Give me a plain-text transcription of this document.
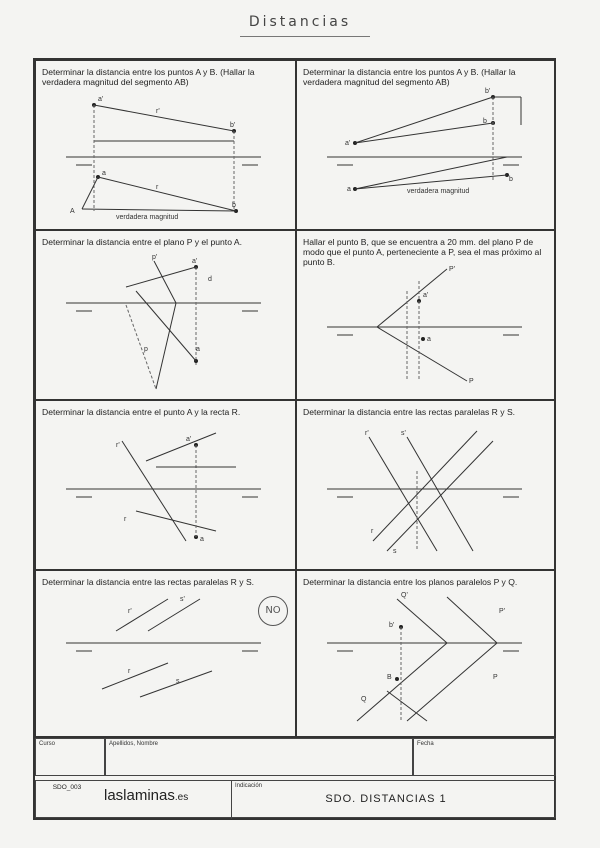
Distancias
Determinar la distancia entre los puntos A y B. (Hallar la verdadera magnitud del segmento AB)
a'
b'
a
b
A
r'
r
verdadera magnitud
Determinar la distancia entre los puntos A y B. (Hallar la verdadera magnitud del segmento AB)
a'
b'
b
a
b
verdadera magnitud
Determinar la distancia entre el plano P y el punto A.
a'
a
p'
p
d
Hallar el punto B, que se encuentra a 20 mm. del plano P de modo que el punto A, perteneciente a P, sea el mas próximo al punto B.
a'
a
P'
P
Determinar la distancia entre el punto A y la recta R.
a'
a
r'
r
Determinar la distancia entre las rectas paralelas R y S.
r'	s'
r
s
Determinar la distancia entre las rectas paralelas R y S.
r'
s'
r
s
Determinar la distancia entre los planos paralelos P y Q.
Q'
P'
b'
B
Q
P
NO
Curso	Apellidos, Nombre	Fecha
SDO_003	laslaminas.es
Indicación
SDO. DISTANCIAS 1
